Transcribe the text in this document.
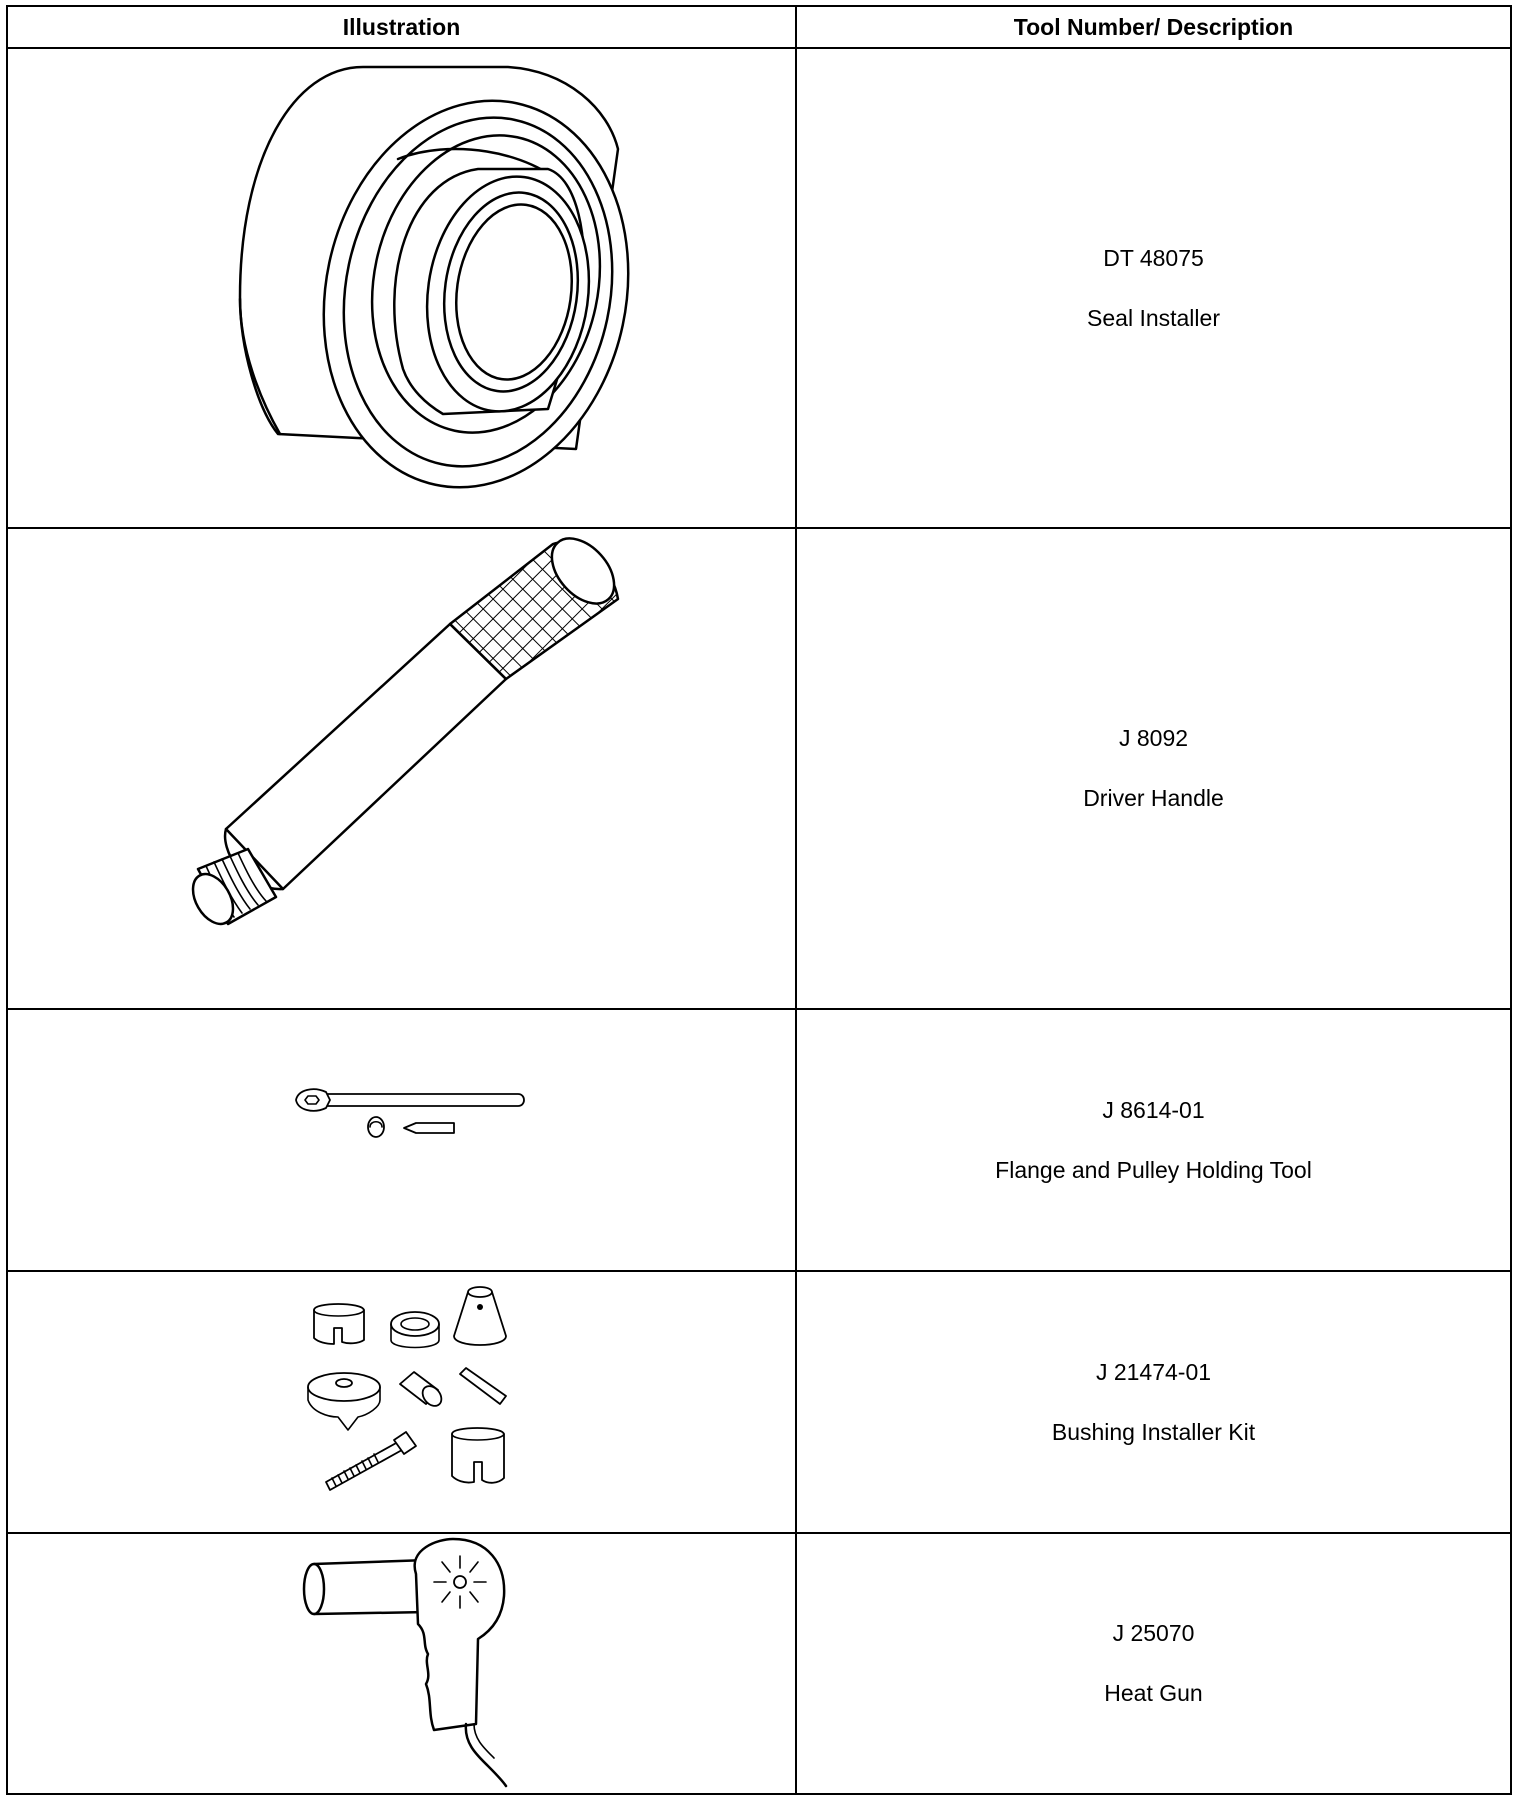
Illustration	Tool Number/ Description

DT 48075
Seal Installer

J 8092
Driver Handle

J 8614-01
Flange and Pulley Holding Tool

J 21474-01
Bushing Installer Kit

J 25070
Heat Gun
